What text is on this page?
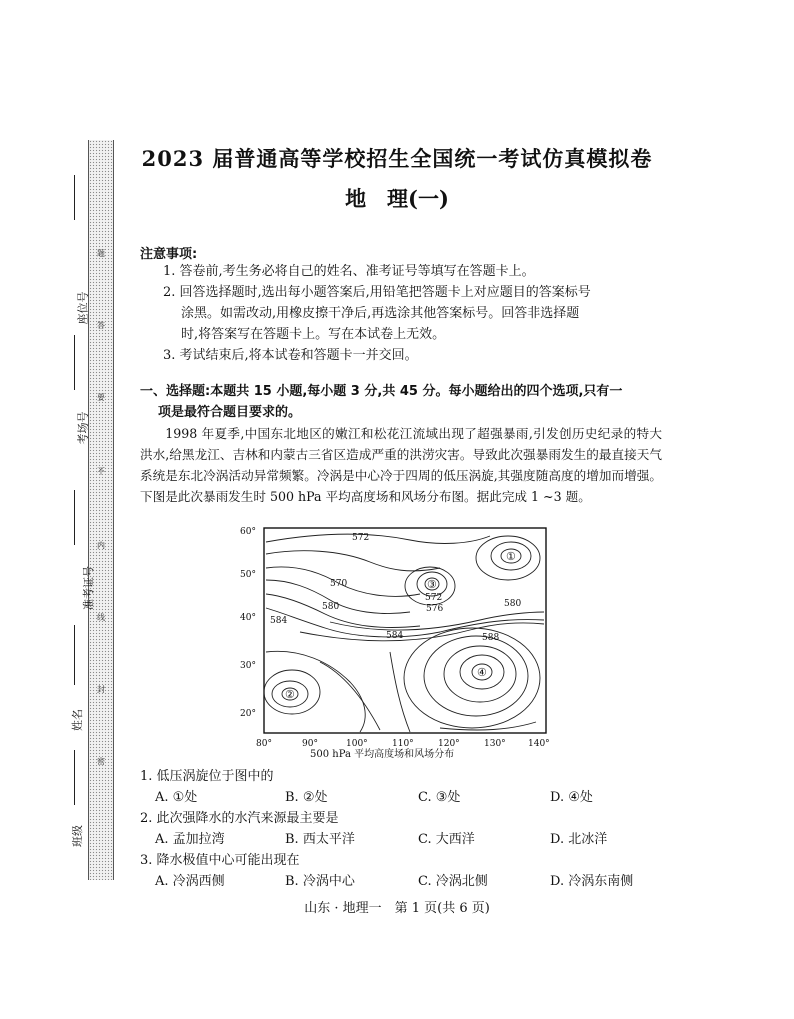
题
答
要
不
内
线
封
密
座位号
考场号
准考证号
姓名
班级
2023 届普通高等学校招生全国统一考试仿真模拟卷
地　理(一)
注意事项:
1. 答卷前,考生务必将自己的姓名、准考证号等填写在答题卡上。
2. 回答选择题时,选出每小题答案后,用铅笔把答题卡上对应题目的答案标号
涂黑。如需改动,用橡皮擦干净后,再选涂其他答案标号。回答非选择题
时,将答案写在答题卡上。写在本试卷上无效。
3. 考试结束后,将本试卷和答题卡一并交回。
一、选择题:本题共 15 小题,每小题 3 分,共 45 分。每小题给出的四个选项,只有一
项是最符合题目要求的。
1998 年夏季,中国东北地区的嫩江和松花江流域出现了超强暴雨,引发创历史纪录的特大洪水,给黑龙江、吉林和内蒙古三省区造成严重的洪涝灾害。导致此次强暴雨发生的最直接天气系统是东北冷涡活动异常频繁。冷涡是中心冷于四周的低压涡旋,其强度随高度的增加而增强。下图是此次暴雨发生时 500 hPa 平均高度场和风场分布图。据此完成 1 ~3 题。
60°
50°
40°
30°
20°
80°	90°	100°	110°	120°	130° 140°
572
570
580
584
572
576	580
584	588
①
②
③
④
500 hPa 平均高度场和风场分布
1. 低压涡旋位于图中的
A. ①处	B. ②处	C. ③处	D. ④处
2. 此次强降水的水汽来源最主要是
A. 孟加拉湾	B. 西太平洋	C. 大西洋	D. 北冰洋
3. 降水极值中心可能出现在
A. 冷涡西侧	B. 冷涡中心	C. 冷涡北侧	D. 冷涡东南侧
山东 · 地理一　第 1 页(共 6 页)
